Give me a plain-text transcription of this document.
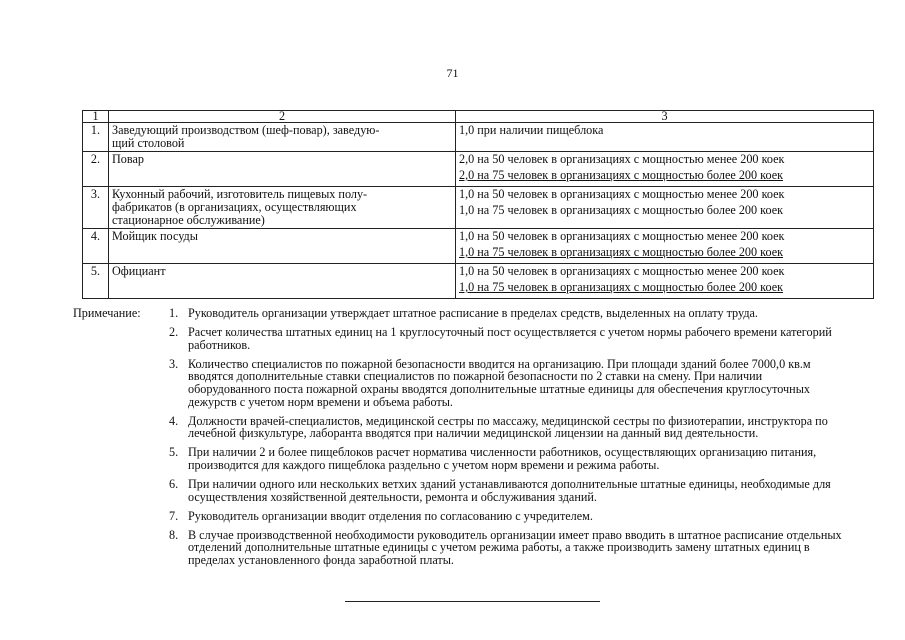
71
1	2	3
1.	Заведующий производством (шеф-повар), заведую-
щий столовой	1,0 при наличии пищеблока

2.	Повар	2,0 на 50 человек в организациях с мощностью менее 200 коек
2,0 на 75 человек в организациях с мощностью более 200 коек

3.	Кухонный рабочий, изготовитель пищевых полу-
фабрикатов (в организациях, осуществляющих
стационарное обслуживание)	1,0 на 50 человек в организациях с мощностью менее 200 коек
1,0 на 75 человек в организациях с мощностью более 200 коек

4.	Мойщик посуды	1,0 на 50 человек в организациях с мощностью менее 200 коек
1,0 на 75 человек в организациях с мощностью более 200 коек

5.	Официант	1,0 на 50 человек в организациях с мощностью менее 200 коек
1,0 на 75 человек в организациях с мощностью более 200 коек
Примечание: 1. Руководитель организации утверждает штатное расписание в пределах средств, выделенных на оплату труда.
2. Расчет количества штатных единиц на 1 круглосуточный пост осуществляется с учетом нормы рабочего времени категорий работников.
3. Количество специалистов по пожарной безопасности вводится на организацию. При площади зданий более 7000,0 кв.м вводятся дополнительные ставки специалистов по пожарной безопасности по 2 ставки на смену. При наличии оборудованного поста пожарной охраны вводятся дополнительные штатные единицы для обеспечения круглосуточных дежурств с учетом норм времени и объема работы.
4. Должности врачей-специалистов, медицинской сестры по массажу, медицинской сестры по физиотерапии, инструктора по лечебной физкультуре, лаборанта вводятся при наличии медицинской лицензии на данный вид деятельности.
5. При наличии 2 и более пищеблоков расчет норматива численности работников, осуществляющих организацию питания, производится для каждого пищеблока раздельно с учетом норм времени и режима работы.
6. При наличии одного или нескольких ветхих зданий устанавливаются дополнительные штатные единицы, необходимые для осуществления хозяйственной деятельности, ремонта и обслуживания зданий.
7. Руководитель организации вводит отделения по согласованию с учредителем.
8. В случае производственной необходимости руководитель организации имеет право вводить в штатное расписание отдельных отделений дополнительные штатные единицы с учетом режима работы, а также производить замену штатных единиц в пределах установленного фонда заработной платы.
